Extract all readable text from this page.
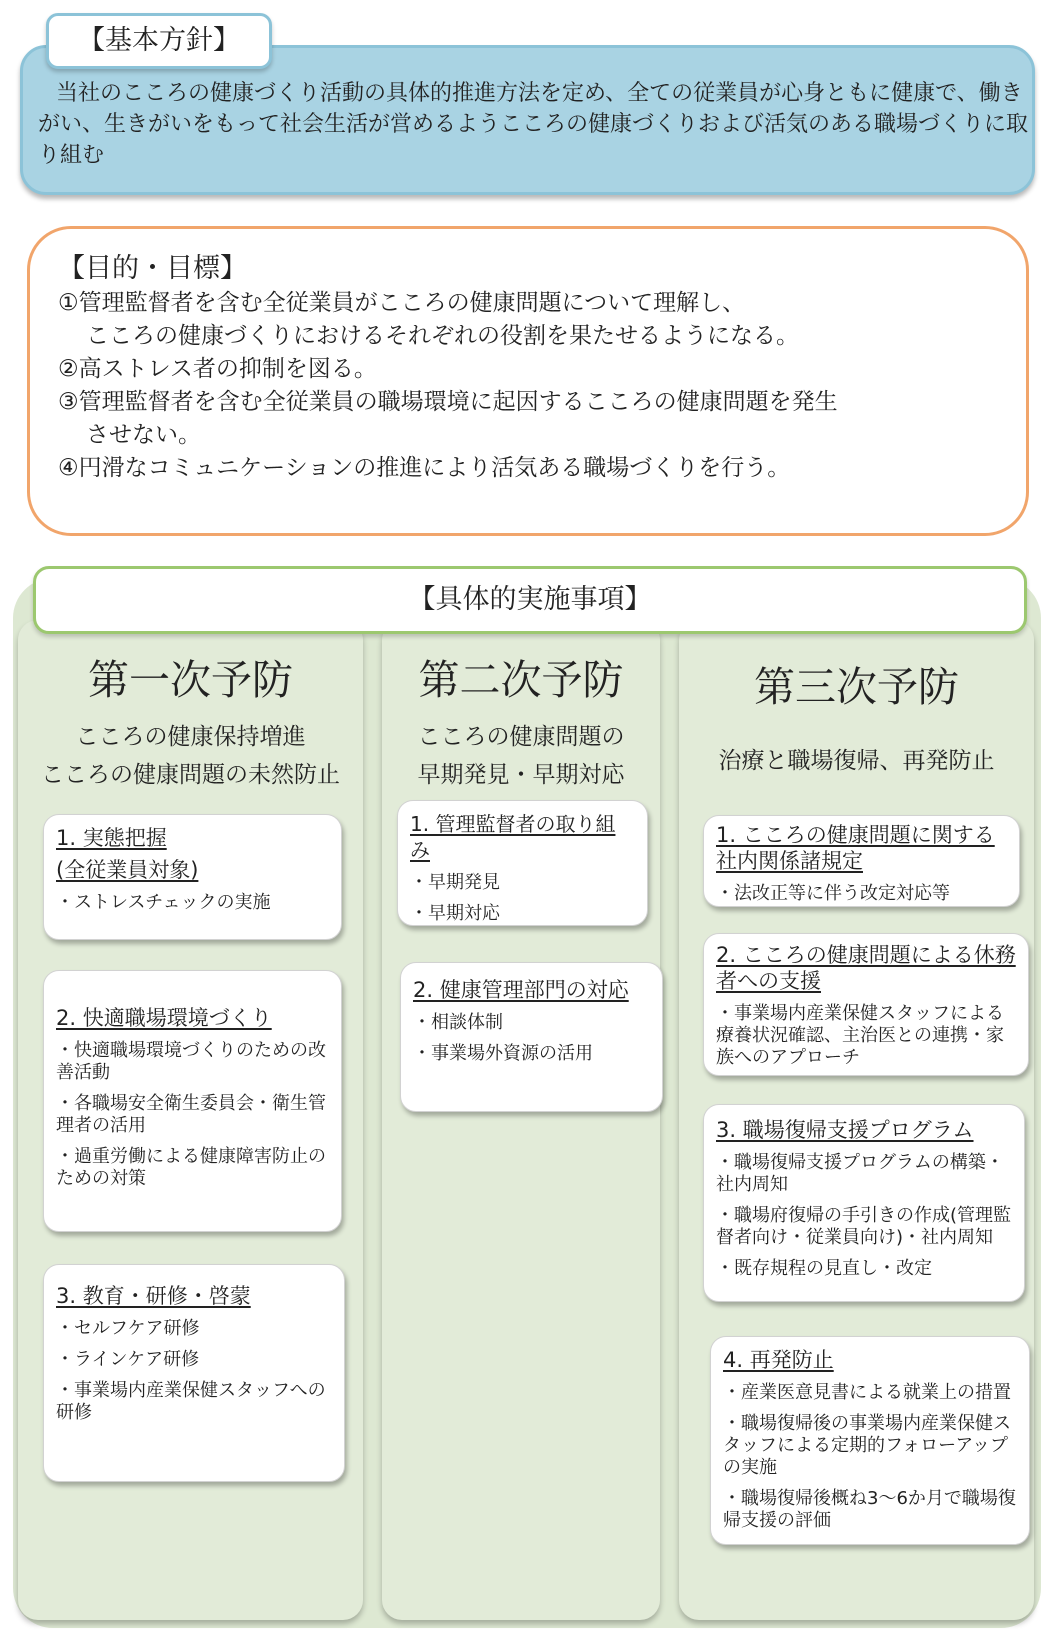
当社のこころの健康づくり活動の具体的推進方法を定め、全ての従業員が心身ともに健康で、働きがい、生きがいをもって社会生活が営めるようこころの健康づくりおよび活気のある職場づくりに取り組む
【基本方針】
【目的・目標】
①管理監督者を含む全従業員がこころの健康問題について理解し、
こころの健康づくりにおけるそれぞれの役割を果たせるようになる。
②高ストレス者の抑制を図る。
③管理監督者を含む全従業員の職場環境に起因するこころの健康問題を発生
させない。
④円滑なコミュニケーションの推進により活気ある職場づくりを行う。
【具体的実施事項】
第一次予防
こころの健康保持増進
こころの健康問題の未然防止
1. 実態把握
(全従業員対象)
・ストレスチェックの実施
2. 快適職場環境づくり
・快適職場環境づくりのための改善活動
・各職場安全衛生委員会・衛生管理者の活用
・過重労働による健康障害防止のための対策
3. 教育・研修・啓蒙
・セルフケア研修
・ラインケア研修
・事業場内産業保健スタッフへの研修
第二次予防
こころの健康問題の
早期発見・早期対応
1. 管理監督者の取り組み
・早期発見
・早期対応
2. 健康管理部門の対応
・相談体制
・事業場外資源の活用
第三次予防
治療と職場復帰、再発防止
1. こころの健康問題に関する社内関係諸規定
・法改正等に伴う改定対応等
2. こころの健康問題による休務者への支援
・事業場内産業保健スタッフによる療養状況確認、主治医との連携・家族へのアプローチ
3. 職場復帰支援プログラム
・職場復帰支援プログラムの構築・社内周知
・職場府復帰の手引きの作成(管理監督者向け・従業員向け)・社内周知
・既存規程の見直し・改定
4. 再発防止
・産業医意見書による就業上の措置
・職場復帰後の事業場内産業保健スタッフによる定期的フォローアップの実施
・職場復帰後概ね3～6か月で職場復帰支援の評価
